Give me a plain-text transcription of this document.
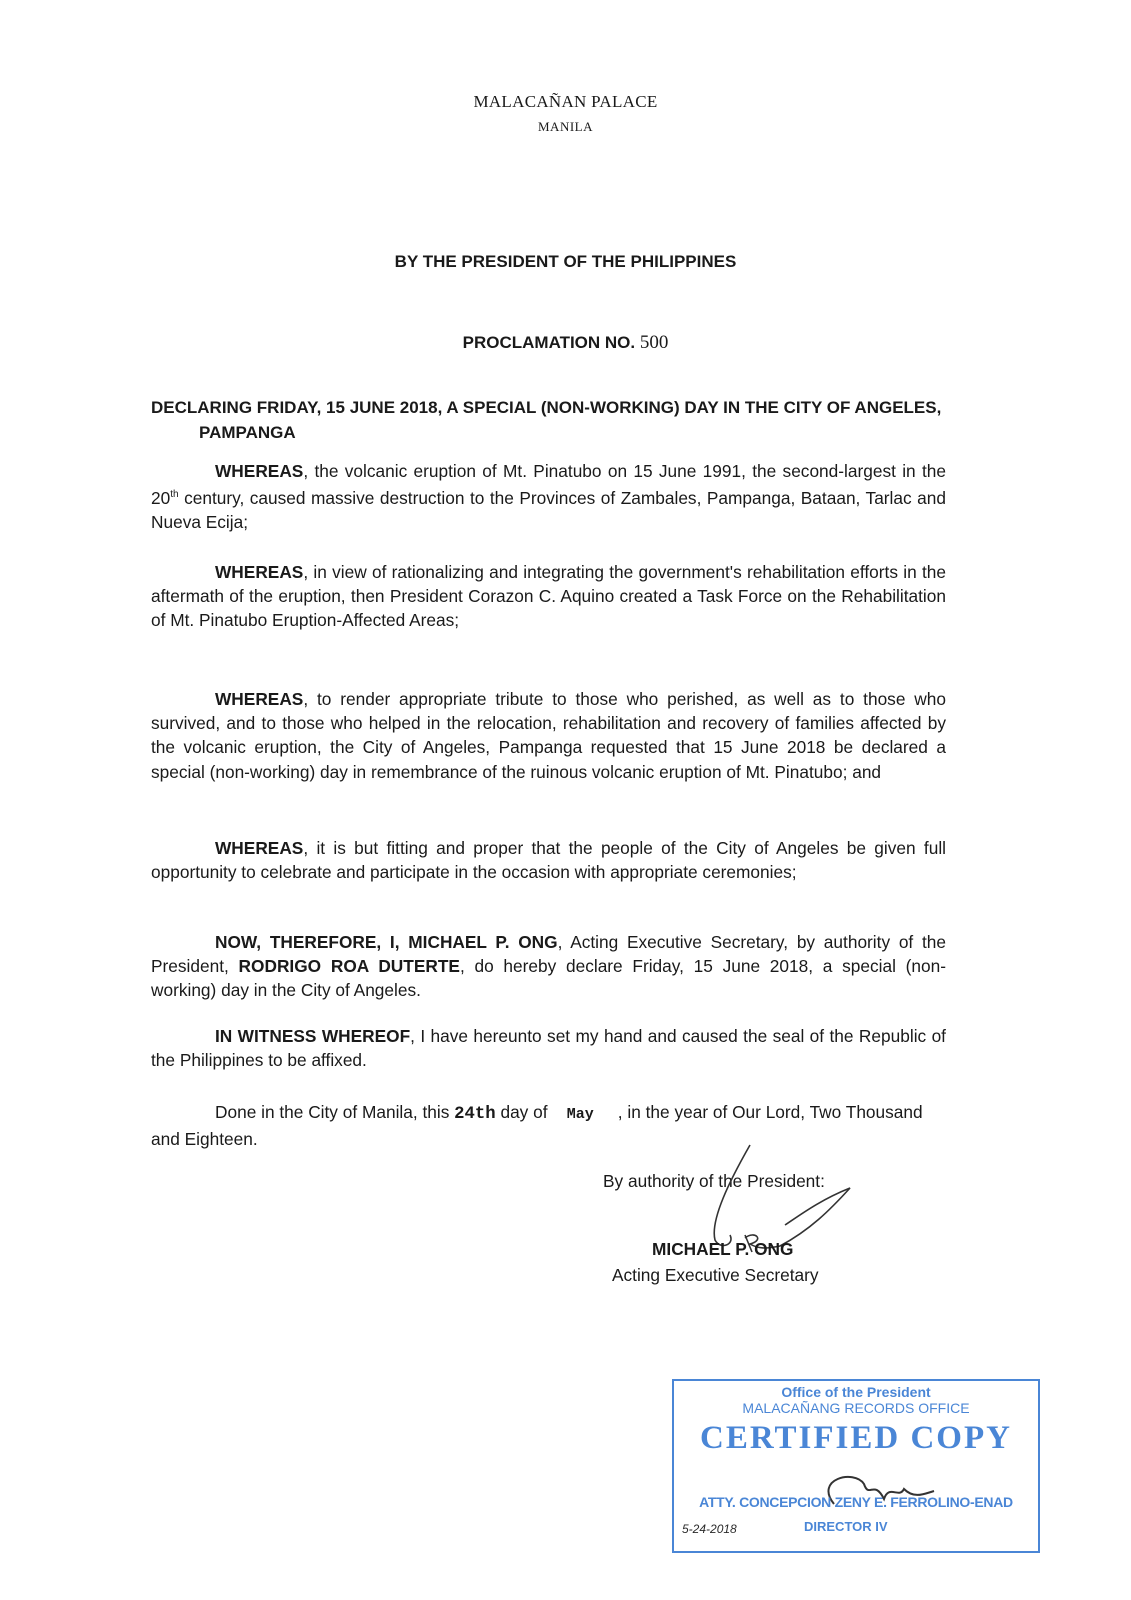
MALACAÑAN PALACE
MANILA
BY THE PRESIDENT OF THE PHILIPPINES
PROCLAMATION NO. 500
DECLARING FRIDAY, 15 JUNE 2018, A SPECIAL (NON-WORKING) DAY IN THE CITY OF ANGELES, PAMPANGA
WHEREAS, the volcanic eruption of Mt. Pinatubo on 15 June 1991, the second-largest in the 20th century, caused massive destruction to the Provinces of Zambales, Pampanga, Bataan, Tarlac and Nueva Ecija;
WHEREAS, in view of rationalizing and integrating the government's rehabilitation efforts in the aftermath of the eruption, then President Corazon C. Aquino created a Task Force on the Rehabilitation of Mt. Pinatubo Eruption-Affected Areas;
WHEREAS, to render appropriate tribute to those who perished, as well as to those who survived, and to those who helped in the relocation, rehabilitation and recovery of families affected by the volcanic eruption, the City of Angeles, Pampanga requested that 15 June 2018 be declared a special (non-working) day in remembrance of the ruinous volcanic eruption of Mt. Pinatubo; and
WHEREAS, it is but fitting and proper that the people of the City of Angeles be given full opportunity to celebrate and participate in the occasion with appropriate ceremonies;
NOW, THEREFORE, I, MICHAEL P. ONG, Acting Executive Secretary, by authority of the President, RODRIGO ROA DUTERTE, do hereby declare Friday, 15 June 2018, a special (non-working) day in the City of Angeles.
IN WITNESS WHEREOF, I have hereunto set my hand and caused the seal of the Republic of the Philippines to be affixed.
Done in the City of Manila, this 24th day of    May , in the year of Our Lord, Two Thousand and Eighteen.
By authority of the President:
MICHAEL P. ONG
Acting Executive Secretary
Office of the President
MALACAÑANG RECORDS OFFICE
CERTIFIED COPY
ATTY. CONCEPCION ZENY E. FERROLINO-ENAD
5-24-2018	DIRECTOR IV
